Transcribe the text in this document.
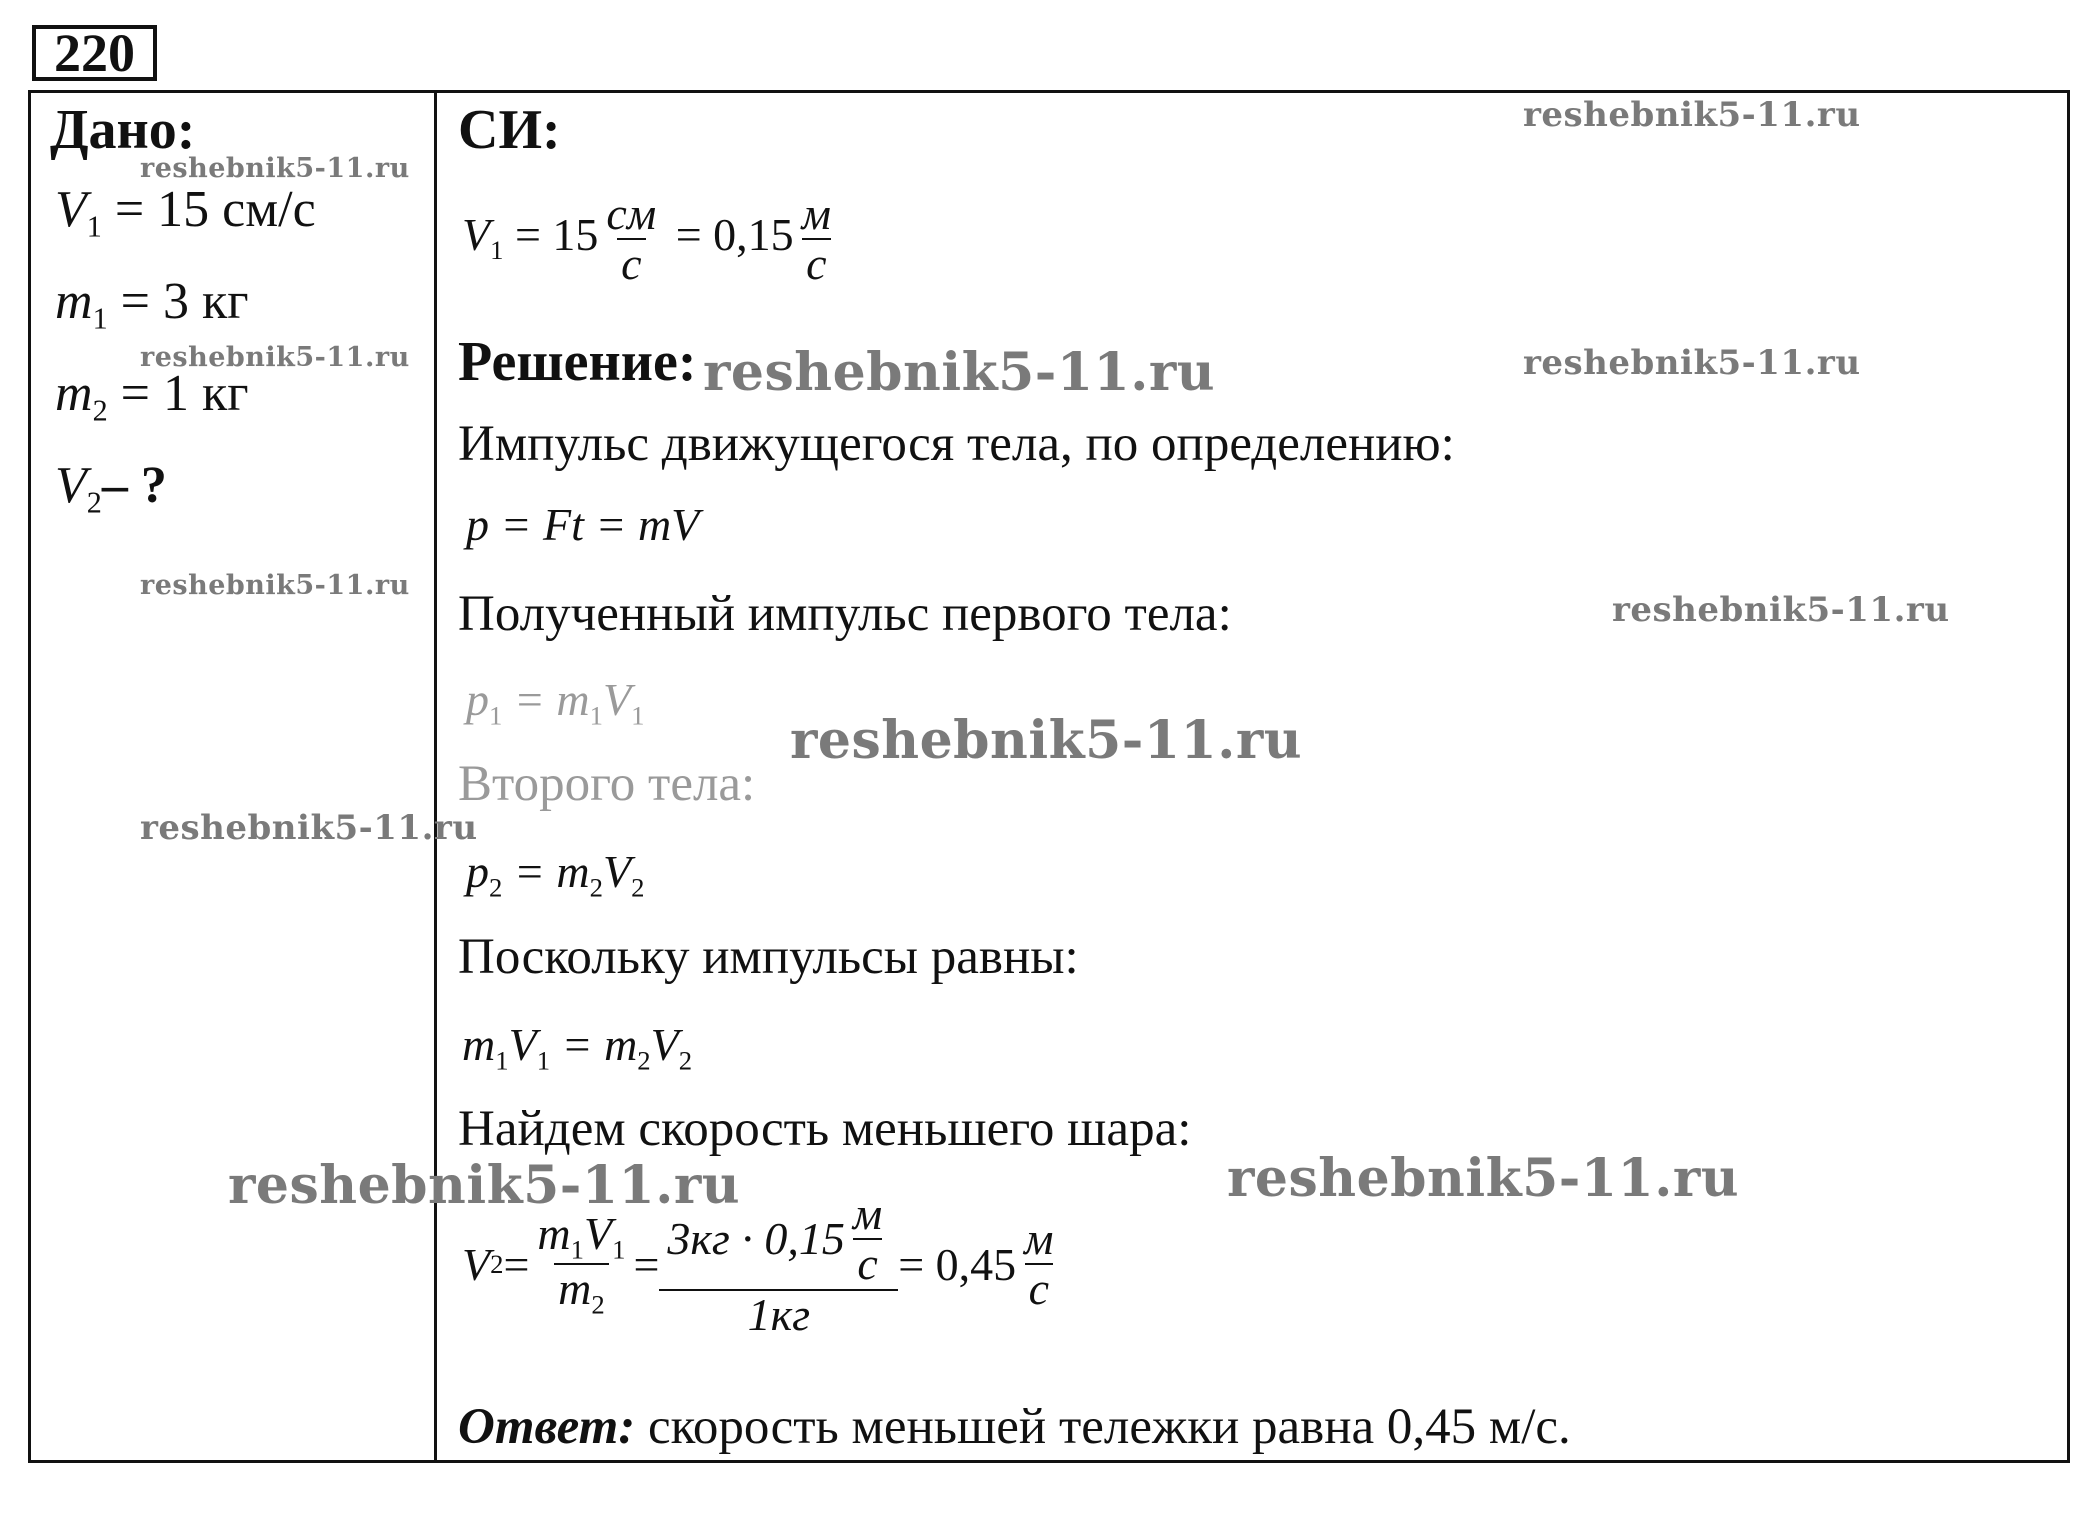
220
reshebnik5-11.ru
reshebnik5-11.ru
reshebnik5-11.ru	reshebnik5-11.ru	reshebnik5-11.ru
reshebnik5-11.ru
reshebnik5-11.ru
reshebnik5-11.ru
reshebnik5-11.ru
reshebnik5-11.ru	reshebnik5-11.ru
Дано:
$V_1 = 15$ см/с
$m_1 = 3$ кг
$m_2 = 1$ кг
$V_2-$ ?
СИ:
$V_1 = 15 \frac{см}{с} = 0,15 \frac{м}{с}$
Решение:
Импульс движущегося тела, по определению:
p = Ft = mV
Полученный импульс первого тела:
$p_1 = m_1V_1$
Второго тела:
$p_2 = m_2V_2$
Поскольку импульсы равны:
$m_1V_1 = m_2V_2$
Найдем скорость меньшего шара:
V $2 = \frac{m_1V_1}{m_2} = \frac{3кг \cdot 0,15 \frac{м}{с}}{1кг} = 0,45 \frac{м}{с}$
Ответ: скорость меньшей тележки равна 0,45 м/с.
